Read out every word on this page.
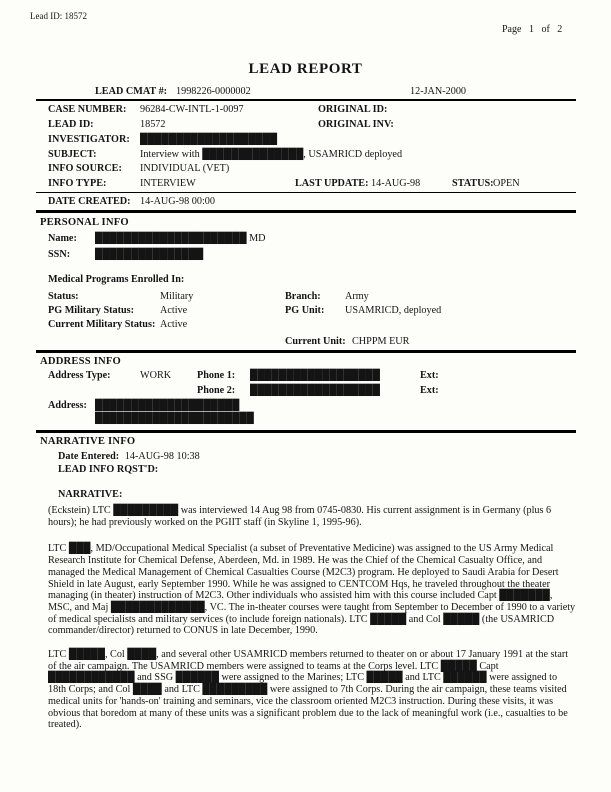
Lead ID: 18572
Page 1 of 2
LEAD REPORT
LEAD CMAT #: 1998226-0000002	12-JAN-2000
CASE NUMBER: 96284-CW-INTL-1-0097	ORIGINAL ID:
LEAD ID:	18572	ORIGINAL INV:
INVESTIGATOR: ███████████████████
SUBJECT:	Interview with ██████████████, USAMRICD deployed
INFO SOURCE: INDIVIDUAL (VET)
INFO TYPE:	INTERVIEW	LAST UPDATE: 14-AUG-98	STATUS: OPEN
DATE CREATED: 14-AUG-98 00:00
PERSONAL INFO
Name: █████████████████████ MD
SSN: ███████████████
Medical Programs Enrolled In:
Status:	Military	Branch: Army
PG Military Status:	Active	PG Unit: USAMRICD, deployed
Current Military Status: Active
Current Unit: CHPPM EUR
ADDRESS INFO
Address Type:	WORK	Phone 1: ██████████████████	Ext:
Phone 2: ██████████████████	Ext:
Address: ████████████████████
██████████████████████
NARRATIVE INFO
Date Entered: 14-AUG-98 10:38
LEAD INFO RQST'D:
NARRATIVE:

(Eckstein) LTC █████████ was interviewed 14 Aug 98 from 0745-0830. His current assignment is in Germany (plus 6 hours); he had previously worked on the PGIIT staff (in Skyline 1, 1995-96).

LTC ███, MD/Occupational Medical Specialist (a subset of Preventative Medicine) was assigned to the US Army Medical Research Institute for Chemical Defense, Aberdeen, Md. in 1989. He was the Chief of the Chemical Casualty Office, and managed the Medical Management of Chemical Casualties Course (M2C3) program. He deployed to Saudi Arabia for Desert Shield in late August, early September 1990. While he was assigned to CENTCOM Hqs, he traveled throughout the theater managing (in theater) instruction of M2C3. Other individuals who assisted him with this course included Capt ███████, MSC, and Maj █████████████, VC. The in-theater courses were taught from September to December of 1990 to a variety of medical specialists and military services (to include foreign nationals). LTC █████ and Col █████ (the USAMRICD commander/director) returned to CONUS in late December, 1990.

LTC █████, Col ████, and several other USAMRICD members returned to theater on or about 17 January 1991 at the start of the air campaign. The USAMRICD members were assigned to teams at the Corps level. LTC █████ Capt ████████████ and SSG ██████ were assigned to the Marines; LTC █████ and LTC ██████ were assigned to 18th Corps; and Col ████ and LTC █████████ were assigned to 7th Corps. During the air campaign, these teams visited medical units for 'hands-on' training and seminars, vice the classroom oriented M2C3 instruction. During these visits, it was obvious that boredom at many of these units was a significant problem due to the lack of meaningful work (i.e., casualties to be treated).
